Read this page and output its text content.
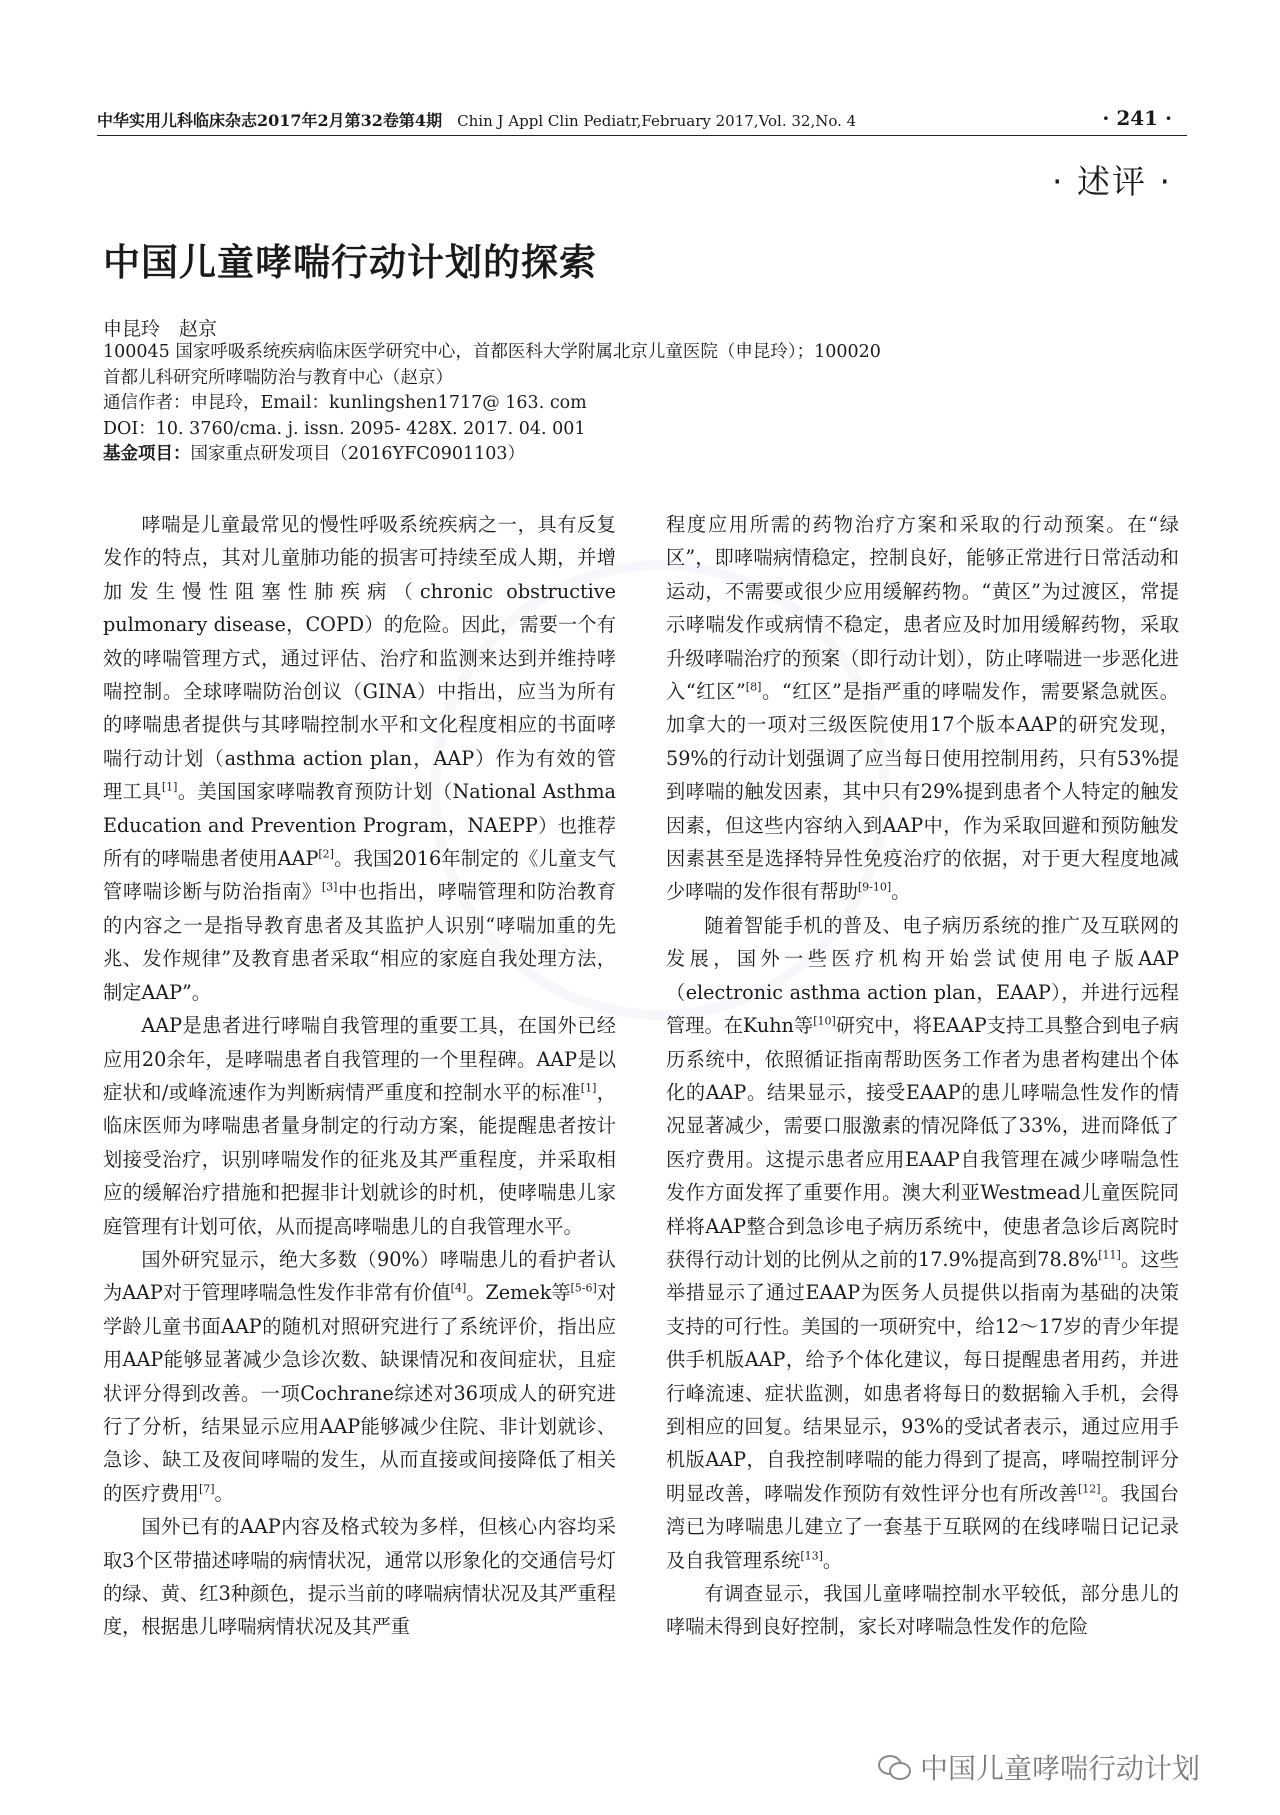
中华实用儿科临床杂志2017年2月第32卷第4期 Chin J Appl Clin Pediatr,February 2017,Vol. 32,No. 4	· 241 ·
· 述评 ·
中国儿童哮喘行动计划的探索
申昆玲　赵京
100045 国家呼吸系统疾病临床医学研究中心，首都医科大学附属北京儿童医院（申昆玲）；100020
首都儿科研究所哮喘防治与教育中心（赵京）
通信作者：申昆玲，Email：kunlingshen1717@ 163. com
DOI：10. 3760/cma. j. issn. 2095- 428X. 2017. 04. 001
基金项目：国家重点研发项目（2016YFC0901103）

哮喘是儿童最常见的慢性呼吸系统疾病之一，具有反复发作的特点，其对儿童肺功能的损害可持续至成人期，并增加发生慢性阻塞性肺疾病（chronic obstructive pulmonary disease，COPD）的危险。因此，需要一个有效的哮喘管理方式，通过评估、治疗和监测来达到并维持哮喘控制。全球哮喘防治创议（GINA）中指出，应当为所有的哮喘患者提供与其哮喘控制水平和文化程度相应的书面哮喘行动计划（asthma action plan，AAP）作为有效的管理工具[1]。美国国家哮喘教育预防计划（National Asthma Education and Prevention Program，NAEPP）也推荐所有的哮喘患者使用AAP[2]。我国2016年制定的《儿童支气管哮喘诊断与防治指南》[3]中也指出，哮喘管理和防治教育的内容之一是指导教育患者及其监护人识别“哮喘加重的先兆、发作规律”及教育患者采取“相应的家庭自我处理方法，制定AAP”。

AAP是患者进行哮喘自我管理的重要工具，在国外已经应用20余年，是哮喘患者自我管理的一个里程碑。AAP是以症状和/或峰流速作为判断病情严重度和控制水平的标准[1]，临床医师为哮喘患者量身制定的行动方案，能提醒患者按计划接受治疗，识别哮喘发作的征兆及其严重程度，并采取相应的缓解治疗措施和把握非计划就诊的时机，使哮喘患儿家庭管理有计划可依，从而提高哮喘患儿的自我管理水平。

国外研究显示，绝大多数（90%）哮喘患儿的看护者认为AAP对于管理哮喘急性发作非常有价值[4]。Zemek等[5-6]对学龄儿童书面AAP的随机对照研究进行了系统评价，指出应用AAP能够显著减少急诊次数、缺课情况和夜间症状，且症状评分得到改善。一项Cochrane综述对36项成人的研究进行了分析，结果显示应用AAP能够减少住院、非计划就诊、急诊、缺工及夜间哮喘的发生，从而直接或间接降低了相关的医疗费用[7]。

国外已有的AAP内容及格式较为多样，但核心内容均采取3个区带描述哮喘的病情状况，通常以形象化的交通信号灯的绿、黄、红3种颜色，提示当前的哮喘病情状况及其严重程度，根据患儿哮喘病情状况及其严重

程度应用所需的药物治疗方案和采取的行动预案。在“绿区”，即哮喘病情稳定，控制良好，能够正常进行日常活动和运动，不需要或很少应用缓解药物。“黄区”为过渡区，常提示哮喘发作或病情不稳定，患者应及时加用缓解药物，采取升级哮喘治疗的预案（即行动计划），防止哮喘进一步恶化进入“红区”[8]。“红区”是指严重的哮喘发作，需要紧急就医。加拿大的一项对三级医院使用17个版本AAP的研究发现，59%的行动计划强调了应当每日使用控制用药，只有53%提到哮喘的触发因素，其中只有29%提到患者个人特定的触发因素，但这些内容纳入到AAP中，作为采取回避和预防触发因素甚至是选择特异性免疫治疗的依据，对于更大程度地减少哮喘的发作很有帮助[9-10]。

随着智能手机的普及、电子病历系统的推广及互联网的发展，国外一些医疗机构开始尝试使用电子版AAP（electronic asthma action plan，EAAP），并进行远程管理。在Kuhn等[10]研究中，将EAAP支持工具整合到电子病历系统中，依照循证指南帮助医务工作者为患者构建出个体化的AAP。结果显示，接受EAAP的患儿哮喘急性发作的情况显著减少，需要口服激素的情况降低了33%，进而降低了医疗费用。这提示患者应用EAAP自我管理在减少哮喘急性发作方面发挥了重要作用。澳大利亚Westmead儿童医院同样将AAP整合到急诊电子病历系统中，使患者急诊后离院时获得行动计划的比例从之前的17.9%提高到78.8%[11]。这些举措显示了通过EAAP为医务人员提供以指南为基础的决策支持的可行性。美国的一项研究中，给12～17岁的青少年提供手机版AAP，给予个体化建议，每日提醒患者用药，并进行峰流速、症状监测，如患者将每日的数据输入手机，会得到相应的回复。结果显示，93%的受试者表示，通过应用手机版AAP，自我控制哮喘的能力得到了提高，哮喘控制评分明显改善，哮喘发作预防有效性评分也有所改善[12]。我国台湾已为哮喘患儿建立了一套基于互联网的在线哮喘日记记录及自我管理系统[13]。

有调查显示，我国儿童哮喘控制水平较低，部分患儿的哮喘未得到良好控制，家长对哮喘急性发作的危险

中国儿童哮喘行动计划
